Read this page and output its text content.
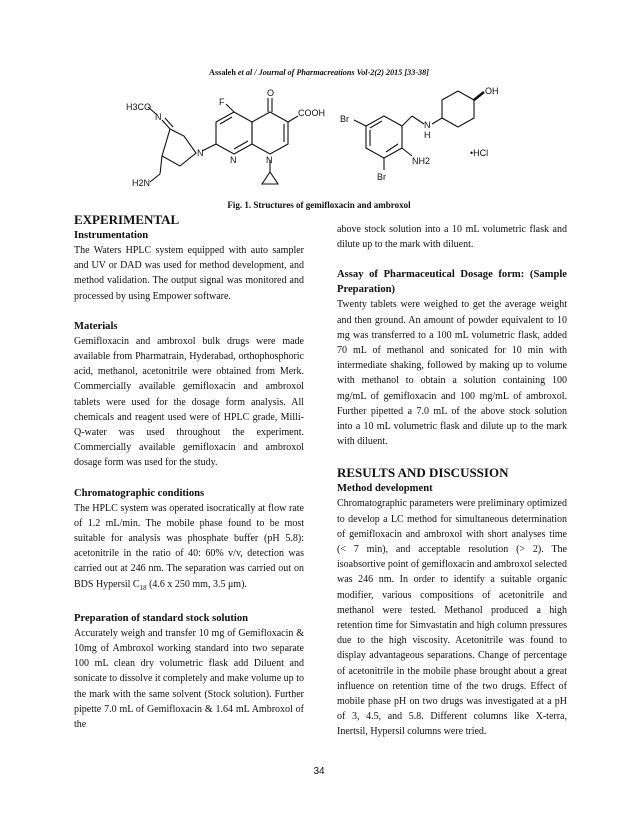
Assaleh et al / Journal of Pharmacreations Vol-2(2) 2015 [33-38]
O
F
COOH
H3CO
N
N
N	N
H2N
OH
Br
N
H
NH2
Br
•HCl
Fig. 1. Structures of gemifloxacin and ambroxol
EXPERIMENTAL
Instrumentation

The Waters HPLC system equipped with auto sampler and UV or DAD was used for method development, and method validation. The output signal was monitored and processed by using Empower software.

Materials

Gemifloxacin and ambroxol bulk drugs were made available from Pharmatrain, Hyderabad, orthophosphoric acid, methanol, acetonitrile were obtained from Merk. Commercially available gemifloxacin and ambroxol tablets were used for the dosage form analysis. All chemicals and reagent used were of HPLC grade, Milli-Q-water was used throughout the experiment. Commercially available gemifloxacin and ambroxol dosage form was used for the study.

Chromatographic conditions

The HPLC system was operated isocratically at flow rate of 1.2 mL/min. The mobile phase found to be most suitable for analysis was phosphate buffer (pH 5.8): acetonitrile in the ratio of 40: 60% v/v, detection was carried out at 246 nm. The separation was carried out on BDS Hypersil $C_{18}$ (4.6 x 250 mm, 3.5 μm).

Preparation of standard stock solution

Accurately weigh and transfer 10 mg of Gemifloxacin & 10mg of Ambroxol working standard into two separate 100 mL clean dry volumetric flask add Diluent and sonicate to dissolve it completely and make volume up to the mark with the same solvent (Stock solution). Further pipette 7.0 mL of Gemifloxacin & 1.64 mL Ambroxol of the

above stock solution into a 10 mL volumetric flask and dilute up to the mark with diluent.

Assay of Pharmaceutical Dosage form: (Sample Preparation)

Twenty tablets were weighed to get the average weight and then ground. An amount of powder equivalent to 10 mg was transferred to a 100 mL volumetric flask, added 70 mL of methanol and sonicated for 10 min with intermediate shaking, followed by making up to volume with methanol to obtain a solution containing 100 mg/mL of gemifloxacin and 100 mg/mL of ambroxol. Further pipetted a 7.0 mL of the above stock solution into a 10 mL volumetric flask and dilute up to the mark with diluent.

RESULTS AND DISCUSSION
Method development

Chromatographic parameters were preliminary optimized to develop a LC method for simultaneous determination of gemifloxacin and ambroxol with short analyses time (< 7 min), and acceptable resolution (> 2). The isoabsortive point of gemifloxacin and ambroxol selected was 246 nm. In order to identify a suitable organic modifier, various compositions of acetonitrile and methanol were tested. Methanol produced a high retention time for Simvastatin and high column pressures due to the high viscosity. Acetonitrile was found to display advantageous separations. Change of percentage of acetonitrile in the mobile phase brought about a great influence on retention time of the two drugs. Effect of mobile phase pH on two drugs was investigated at a pH of 3, 4.5, and 5.8. Different columns like X-terra, Inertsil, Hypersil columns were tried.

34
